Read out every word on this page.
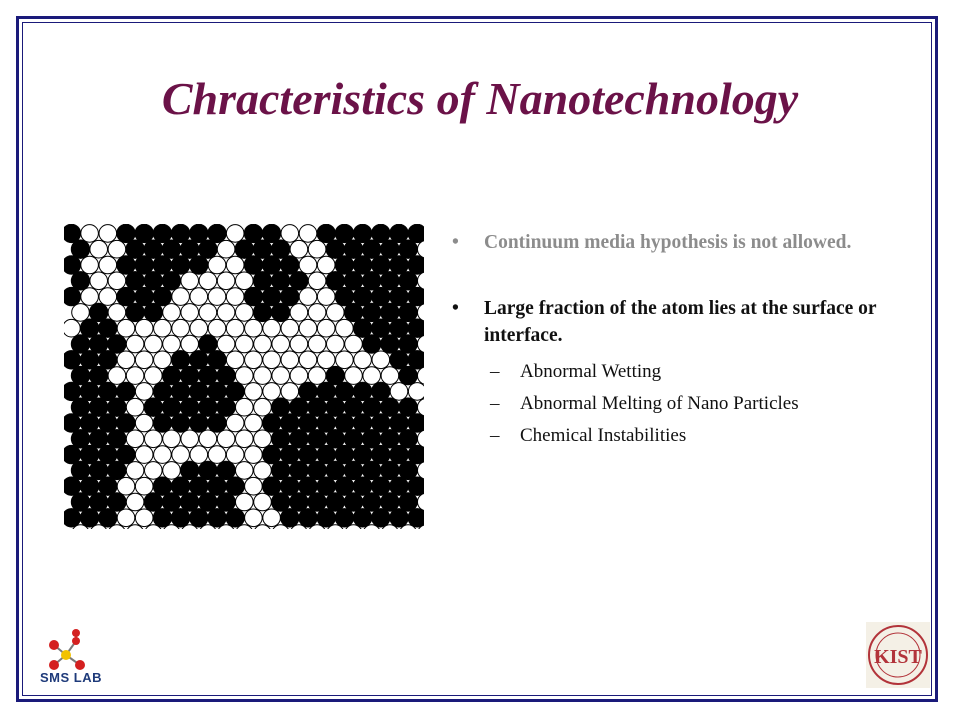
Chracteristics of Nanotechnology
•	Continuum media hypothesis is not allowed.
•	Large fraction of the atom lies at the surface or interface.
–	Abnormal Wetting
–	Abnormal Melting of Nano Particles
–	Chemical Instabilities
SMS LAB
KIST
